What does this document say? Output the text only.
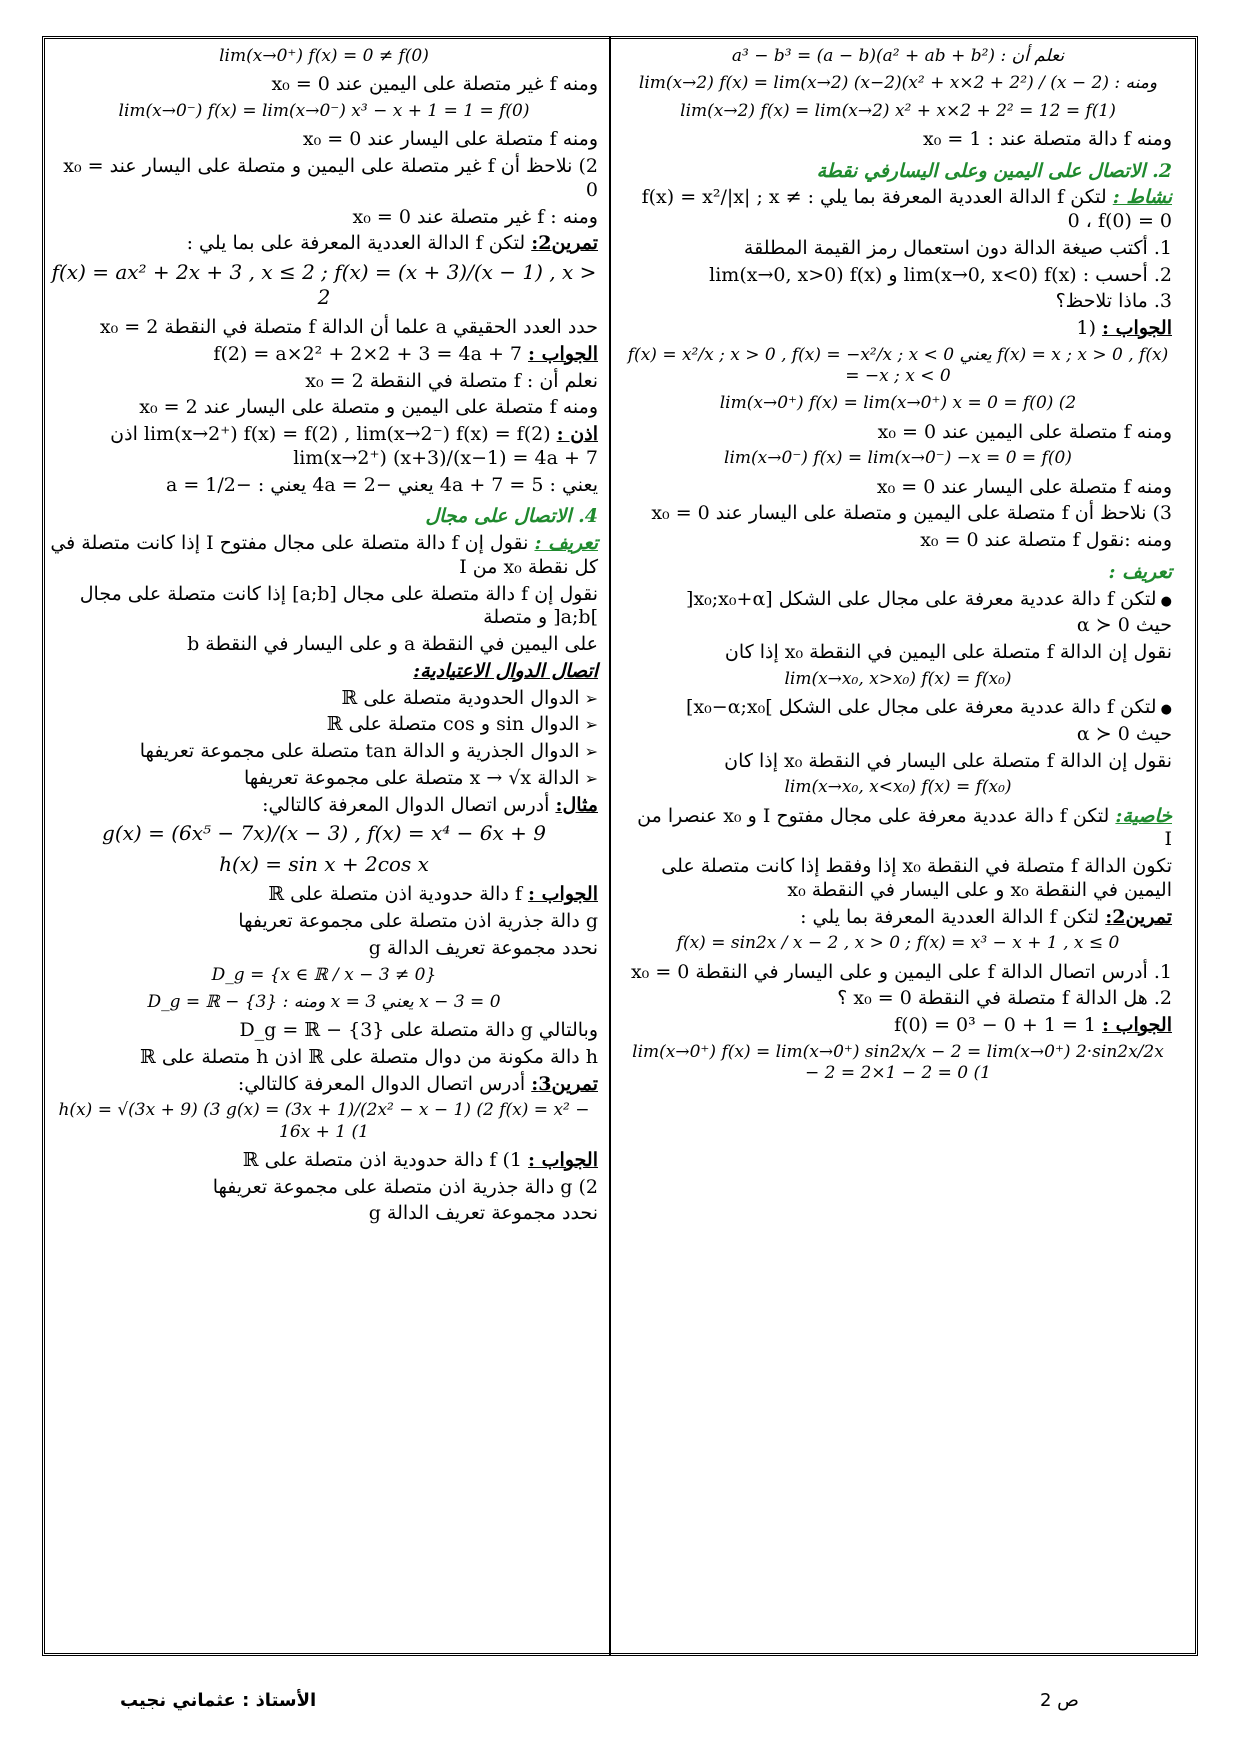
a³ − b³ = (a − b)(a² + ab + b²) : نعلم أن
lim(x→2) f(x) = lim(x→2) (x−2)(x² + x×2 + 2²) / (x − 2) : ومنه
lim(x→2) f(x) = lim(x→2) x² + x×2 + 2² = 12 = f(1)
ومنه f دالة متصلة عند : x₀ = 1
2. الاتصال على اليمين وعلى اليسارفي نقطة
نشاط : لتكن f الدالة العددية المعرفة بما يلي : f(x) = x²/|x| ; x ≠ 0 ، f(0) = 0
1. أكتب صيغة الدالة دون استعمال رمز القيمة المطلقة
2. أحسب : lim(x→0, x<0) f(x) و lim(x→0, x>0) f(x)
3. ماذا تلاحظ؟
الجواب : (1
f(x) = x²/x ; x > 0 , f(x) = −x²/x ; x < 0 يعني f(x) = x ; x > 0 , f(x) = −x ; x < 0
lim(x→0⁺) f(x) = lim(x→0⁺) x = 0 = f(0) (2
ومنه f متصلة على اليمين عند x₀ = 0
lim(x→0⁻) f(x) = lim(x→0⁻) −x = 0 = f(0)
ومنه f متصلة على اليسار عند x₀ = 0
3) نلاحظ أن f متصلة على اليمين و متصلة على اليسار عند x₀ = 0
ومنه :نقول f متصلة عند x₀ = 0
تعريف :
● لتكن f دالة عددية معرفة على مجال على الشكل [x₀;x₀+α[
حيث α ≻ 0
نقول إن الدالة f متصلة على اليمين في النقطة x₀ إذا كان
lim(x→x₀, x>x₀) f(x) = f(x₀)
● لتكن f دالة عددية معرفة على مجال على الشكل ]x₀−α;x₀]
حيث α ≻ 0
نقول إن الدالة f متصلة على اليسار في النقطة x₀ إذا كان
lim(x→x₀, x<x₀) f(x) = f(x₀)
خاصية: لتكن f دالة عددية معرفة على مجال مفتوح I و x₀ عنصرا من I
تكون الدالة f متصلة في النقطة x₀ إذا وفقط إذا كانت متصلة على اليمين في النقطة x₀ و على اليسار في النقطة x₀
تمرين2: لتكن f الدالة العددية المعرفة بما يلي :
f(x) = sin2x / x − 2 , x > 0 ; f(x) = x³ − x + 1 , x ≤ 0
1. أدرس اتصال الدالة f على اليمين و على اليسار في النقطة x₀ = 0
2. هل الدالة f متصلة في النقطة x₀ = 0 ؟
الجواب : f(0) = 0³ − 0 + 1 = 1
lim(x→0⁺) f(x) = lim(x→0⁺) sin2x/x − 2 = lim(x→0⁺) 2·sin2x/2x − 2 = 2×1 − 2 = 0 (1
lim(x→0⁺) f(x) = 0 ≠ f(0)
ومنه f غير متصلة على اليمين عند x₀ = 0
lim(x→0⁻) f(x) = lim(x→0⁻) x³ − x + 1 = 1 = f(0)
ومنه f متصلة على اليسار عند x₀ = 0
2) نلاحظ أن f غير متصلة على اليمين و متصلة على اليسار عند x₀ = 0
ومنه : f غير متصلة عند x₀ = 0
تمرين2: لتكن f الدالة العددية المعرفة على بما يلي :
f(x) = ax² + 2x + 3 , x ≤ 2 ; f(x) = (x + 3)/(x − 1) , x > 2
حدد العدد الحقيقي a علما أن الدالة f متصلة في النقطة x₀ = 2
الجواب : f(2) = a×2² + 2×2 + 3 = 4a + 7
نعلم أن : f متصلة في النقطة x₀ = 2
ومنه f متصلة على اليمين و متصلة على اليسار عند x₀ = 2
اذن : lim(x→2⁺) f(x) = f(2) , lim(x→2⁻) f(x) = f(2) اذن lim(x→2⁺) (x+3)/(x−1) = 4a + 7
يعني : 5 = 4a + 7 يعني −2 = 4a يعني : −1/2 = a
4. الاتصال على مجال
تعريف : نقول إن f دالة متصلة على مجال مفتوح I إذا كانت متصلة في كل نقطة x₀ من I
نقول إن f دالة متصلة على مجال [a;b] إذا كانت متصلة على مجال ]a;b[ و متصلة
على اليمين في النقطة a و على اليسار في النقطة b
اتصال الدوال الاعتيادية:
➢ الدوال الحدودية متصلة على ℝ
➢ الدوال sin و cos متصلة على ℝ
➢ الدوال الجذرية و الدالة tan متصلة على مجموعة تعريفها
➢ الدالة x → √x متصلة على مجموعة تعريفها
مثال: أدرس اتصال الدوال المعرفة كالتالي:
g(x) = (6x⁵ − 7x)/(x − 3) , f(x) = x⁴ − 6x + 9
h(x) = sin x + 2cos x
الجواب : f دالة حدودية اذن متصلة على ℝ
g دالة جذرية اذن متصلة على مجموعة تعريفها
نحدد مجموعة تعريف الدالة g
D_g = {x ∈ ℝ / x − 3 ≠ 0}
D_g = ℝ − {3} : ومنه x = 3 يعني x − 3 = 0
وبالتالي g دالة متصلة على D_g = ℝ − {3}
h دالة مكونة من دوال متصلة على ℝ اذن h متصلة على ℝ
تمرين3: أدرس اتصال الدوال المعرفة كالتالي:
h(x) = √(3x + 9) (3 g(x) = (3x + 1)/(2x² − x − 1) (2 f(x) = x² − 16x + 1 (1
الجواب : 1) f دالة حدودية اذن متصلة على ℝ
2) g دالة جذرية اذن متصلة على مجموعة تعريفها
نحدد مجموعة تعريف الدالة g
ص 2
الأستاذ : عثماني نجيب
